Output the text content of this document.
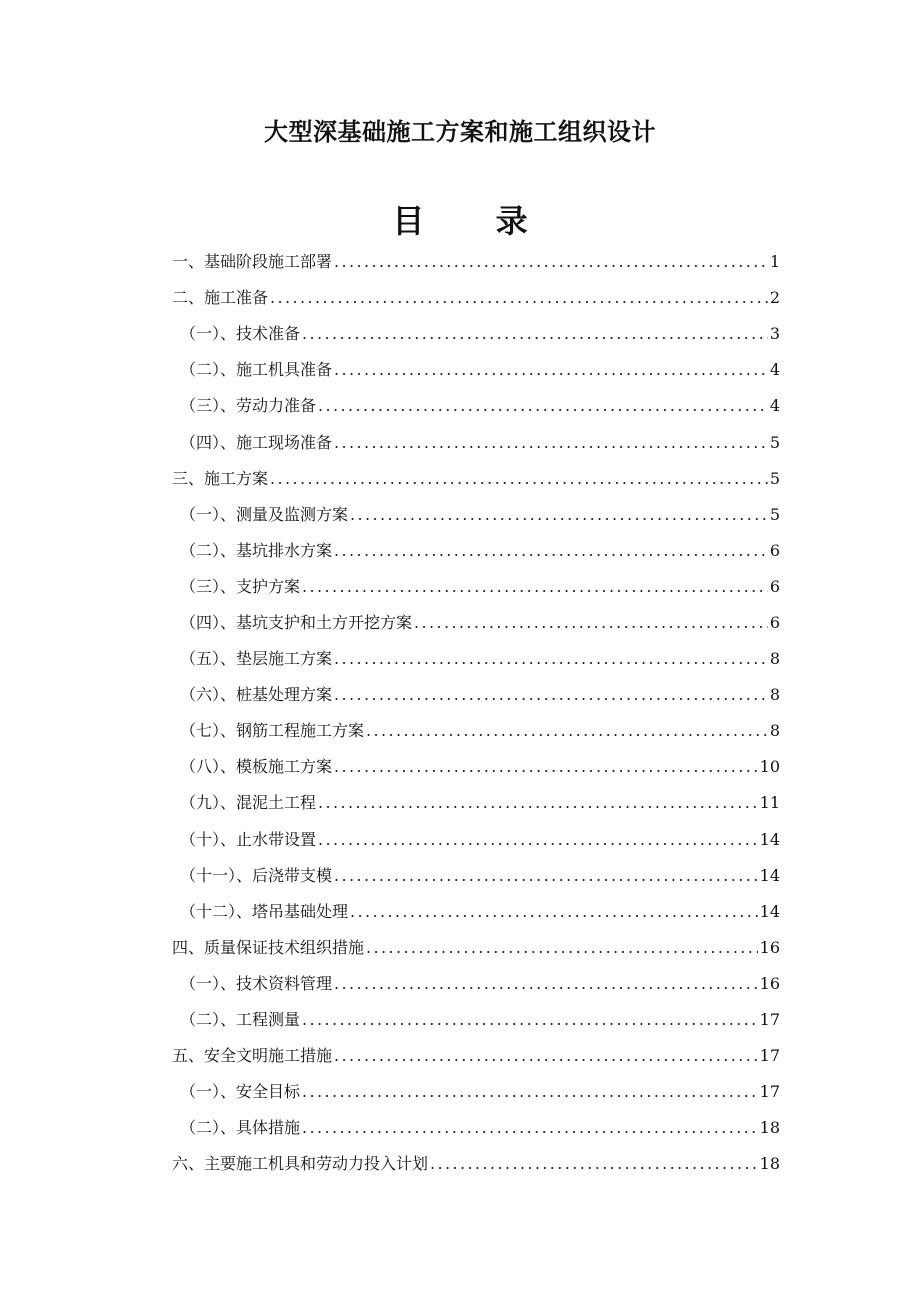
大型深基础施工方案和施工组织设计
目 录
一、基础阶段施工部署 .....	1
二、施工准备 .....	2
（一）、技术准备 .....	3
（二）、施工机具准备 .....	4
（三）、劳动力准备 .....	4
（四）、施工现场准备 .....	5
三、施工方案 .....	5
（一）、测量及监测方案 .....	5
（二）、基坑排水方案 .....	6
（三）、支护方案 .....	6
（四）、基坑支护和土方开挖方案 .....	6
（五）、垫层施工方案 .....	8
（六）、桩基处理方案 .....	8
（七）、钢筋工程施工方案 .....	8
（八）、模板施工方案 .....	10
（九）、混泥土工程 .....	11
（十）、止水带设置 .....	14
（十一）、后浇带支模 .....	14
（十二）、塔吊基础处理 .....	14
四、质量保证技术组织措施 .....	16
（一）、技术资料管理 .....	16
（二）、工程测量 .....	17
五、安全文明施工措施 .....	17
（一）、安全目标 .....	17
（二）、具体措施 .....	18
六、主要施工机具和劳动力投入计划 .....	18
